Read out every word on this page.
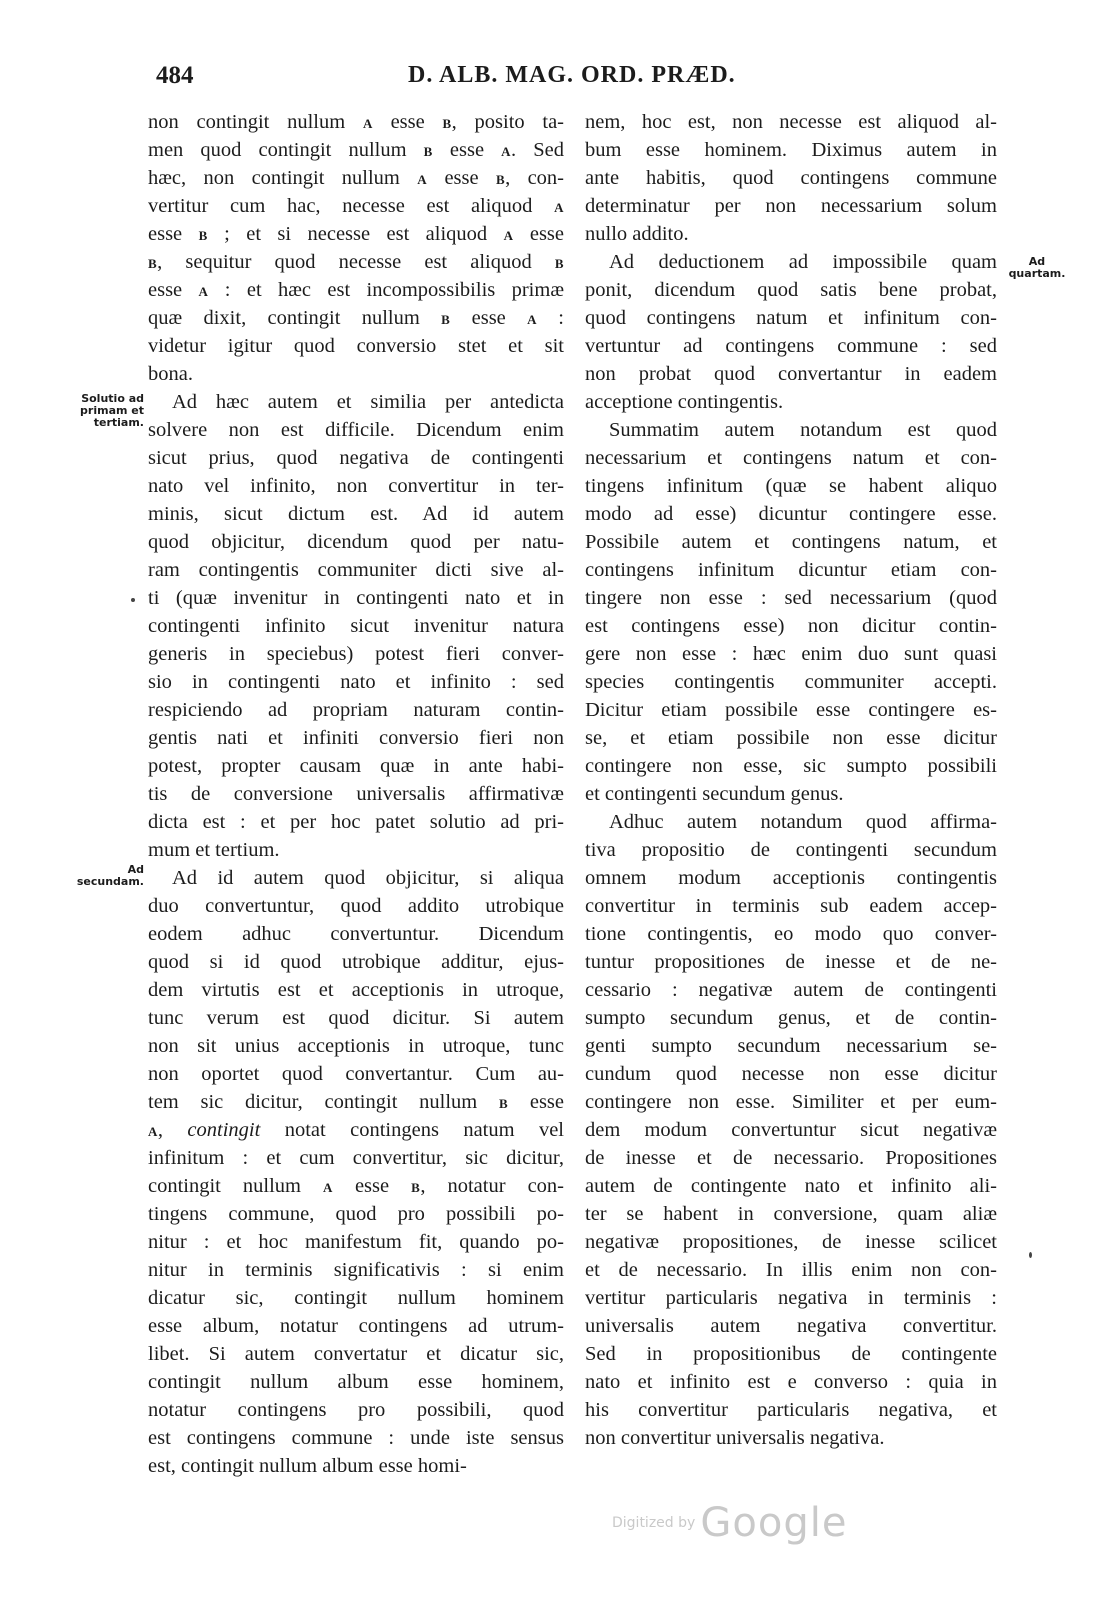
484	D. ALB. MAG. ORD. PRÆD.
Solutio ad primam et tertiam.
Ad secundam.
Ad quartam.
non contingit nullum A esse B, posito ta-
men quod contingit nullum B esse A. Sed
hæc, non contingit nullum A esse B, con-
vertitur cum hac, necesse est aliquod A
esse B ; et si necesse est aliquod A esse
B, sequitur quod necesse est aliquod B
esse A : et hæc est incompossibilis primæ
quæ dixit, contingit nullum B esse A :
videtur igitur quod conversio stet et sit
bona.
Ad hæc autem et similia per antedicta
solvere non est difficile. Dicendum enim
sicut prius, quod negativa de contingenti
nato vel infinito, non convertitur in ter-
minis, sicut dictum est. Ad id autem
quod objicitur, dicendum quod per natu-
ram contingentis communiter dicti sive al-
ti (quæ invenitur in contingenti nato et in
contingenti infinito sicut invenitur natura
generis in speciebus) potest fieri conver-
sio in contingenti nato et infinito : sed
respiciendo ad propriam naturam contin-
gentis nati et infiniti conversio fieri non
potest, propter causam quæ in ante habi-
tis de conversione universalis affirmativæ
dicta est : et per hoc patet solutio ad pri-
mum et tertium.
Ad id autem quod objicitur, si aliqua
duo convertuntur, quod addito utrobique
eodem adhuc convertuntur. Dicendum
quod si id quod utrobique additur, ejus-
dem virtutis est et acceptionis in utroque,
tunc verum est quod dicitur. Si autem
non sit unius acceptionis in utroque, tunc
non oportet quod convertantur. Cum au-
tem sic dicitur, contingit nullum B esse
A, contingit notat contingens natum vel
infinitum : et cum convertitur, sic dicitur,
contingit nullum A esse B, notatur con-
tingens commune, quod pro possibili po-
nitur : et hoc manifestum fit, quando po-
nitur in terminis significativis : si enim
dicatur sic, contingit nullum hominem
esse album, notatur contingens ad utrum-
libet. Si autem convertatur et dicatur sic,
contingit nullum album esse hominem,
notatur contingens pro possibili, quod
est contingens commune : unde iste sensus
est, contingit nullum album esse homi-
nem, hoc est, non necesse est aliquod al-
bum esse hominem. Diximus autem in
ante habitis, quod contingens commune
determinatur per non necessarium solum
nullo addito.
Ad deductionem ad impossibile quam
ponit, dicendum quod satis bene probat,
quod contingens natum et infinitum con-
vertuntur ad contingens commune : sed
non probat quod convertantur in eadem
acceptione contingentis.
Summatim autem notandum est quod
necessarium et contingens natum et con-
tingens infinitum (quæ se habent aliquo
modo ad esse) dicuntur contingere esse.
Possibile autem et contingens natum, et
contingens infinitum dicuntur etiam con-
tingere non esse : sed necessarium (quod
est contingens esse) non dicitur contin-
gere non esse : hæc enim duo sunt quasi
species contingentis communiter accepti.
Dicitur etiam possibile esse contingere es-
se, et etiam possibile non esse dicitur
contingere non esse, sic sumpto possibili
et contingenti secundum genus.
Adhuc autem notandum quod affirma-
tiva propositio de contingenti secundum
omnem modum acceptionis contingentis
convertitur in terminis sub eadem accep-
tione contingentis, eo modo quo conver-
tuntur propositiones de inesse et de ne-
cessario : negativæ autem de contingenti
sumpto secundum genus, et de contin-
genti sumpto secundum necessarium se-
cundum quod necesse non esse dicitur
contingere non esse. Similiter et per eum-
dem modum convertuntur sicut negativæ
de inesse et de necessario. Propositiones
autem de contingente nato et infinito ali-
ter se habent in conversione, quam aliæ
negativæ propositiones, de inesse scilicet
et de necessario. In illis enim non con-
vertitur particularis negativa in terminis :
universalis autem negativa convertitur.
Sed in propositionibus de contingente
nato et infinito est e converso : quia in
his convertitur particularis negativa, et
non convertitur universalis negativa.
Digitized by Google
